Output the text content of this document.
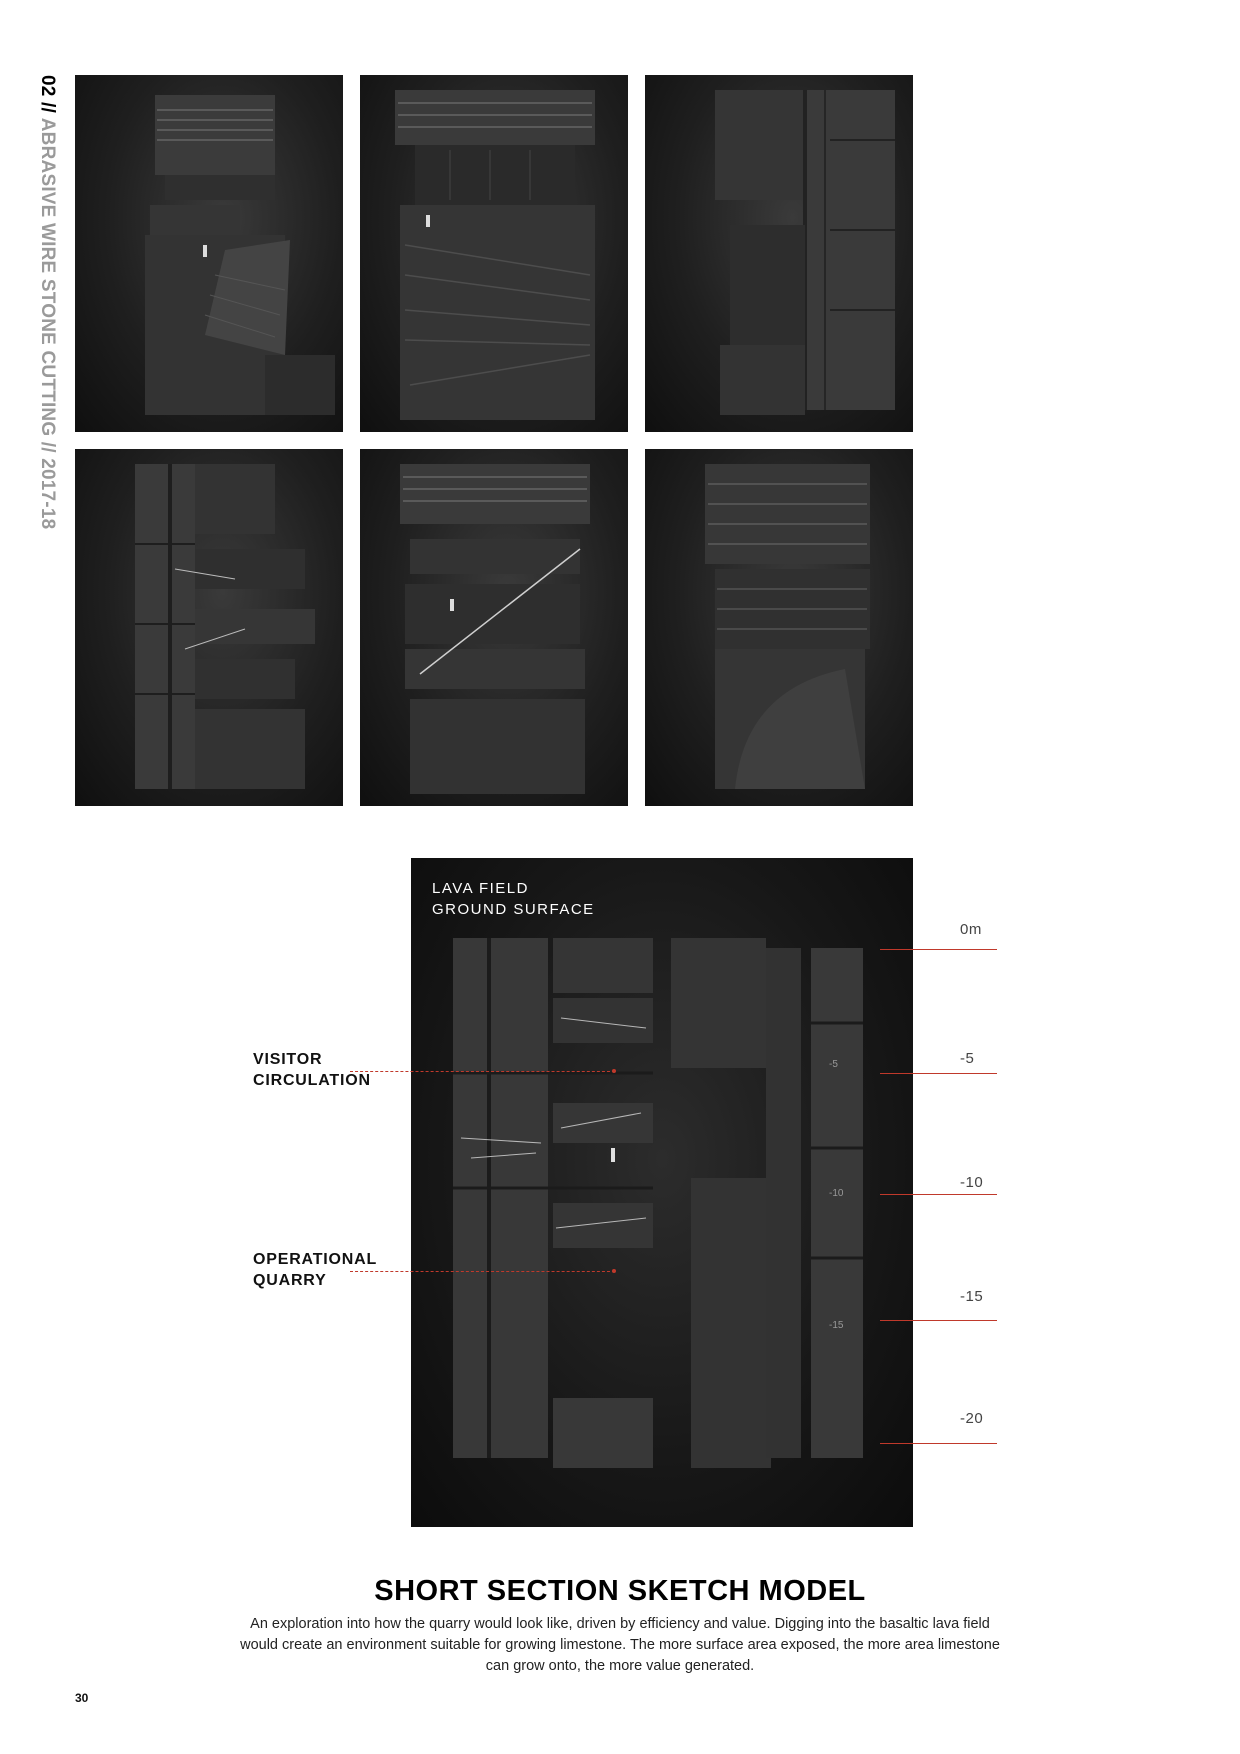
02 // ABRASIVE WIRE STONE CUTTING // 2017-18
LAVA FIELD
GROUND SURFACE
-5
-10
-15
VISITOR
CIRCULATION
OPERATIONAL
QUARRY
0m
-5
-10
-15
-20
SHORT SECTION SKETCH MODEL
An exploration into how the quarry would look like, driven by efficiency and value. Digging into the basaltic lava field would create an environment suitable for growing limestone. The more surface area exposed, the more area limestone can grow onto, the more value generated.
30
